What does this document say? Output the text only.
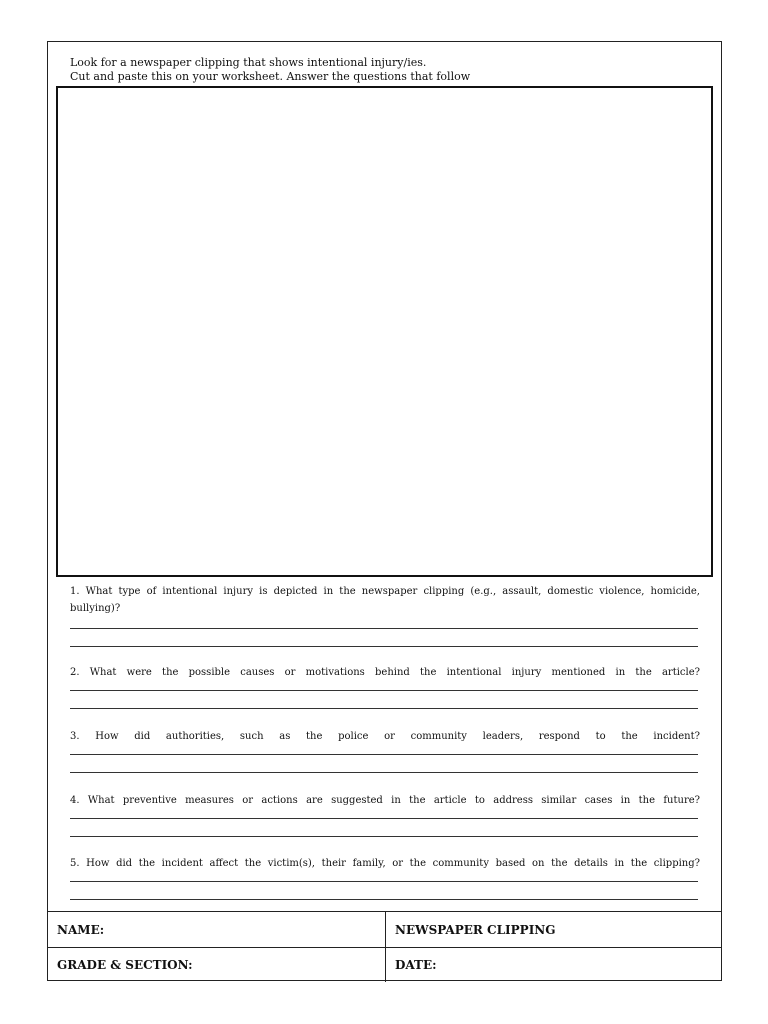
Look for a newspaper clipping that shows intentional injury/ies.
Cut and paste this on your worksheet. Answer the questions that follow
1. What type of intentional injury is depicted in the newspaper clipping (e.g., assault, domestic violence, homicide, bullying)?
2. What were the possible causes or motivations behind the intentional injury mentioned in the article?
3. How did authorities, such as the police or community leaders, respond to the incident?
4. What preventive measures or actions are suggested in the article to address similar cases in the future?
5. How did the incident affect the victim(s), their family, or the community based on the details in the clipping?
NAME:	NEWSPAPER CLIPPING
GRADE & SECTION:	DATE:
